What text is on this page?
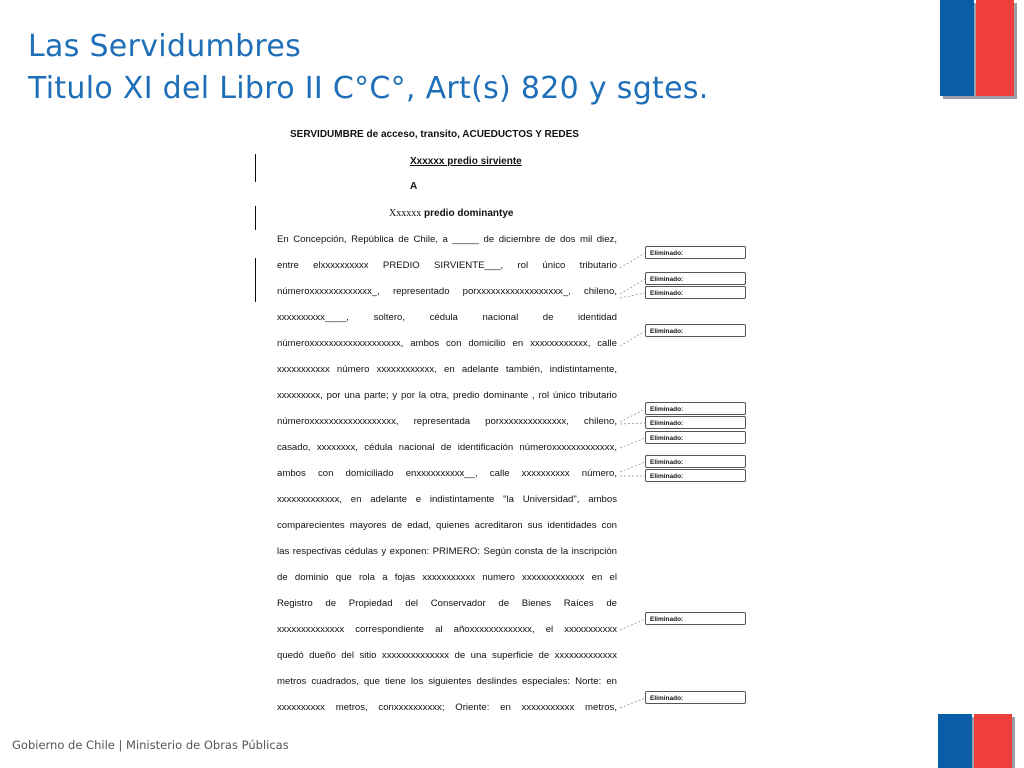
Las Servidumbres
Titulo XI del Libro II C°C°, Art(s) 820 y sgtes.
SERVIDUMBRE de acceso, transito, ACUEDUCTOS Y REDES
Xxxxxx predio sirviente
A
Xxxxxx predio dominantye
En Concepción, República de Chile, a _____ de diciembre de dos mil diez,
entre elxxxxxxxxxx PREDIO SIRVIENTE___, rol único tributario
númeroxxxxxxxxxxxxx_, representado porxxxxxxxxxxxxxxxxxx_, chileno,
xxxxxxxxxx____, soltero, cédula nacional de identidad
númeroxxxxxxxxxxxxxxxxxxx, ambos con domicilio en xxxxxxxxxxxx, calle
xxxxxxxxxxx número xxxxxxxxxxxx, en adelante también, indistintamente,
xxxxxxxxx, por una parte; y por la otra, predio dominante , rol único tributario
númeroxxxxxxxxxxxxxxxxxx, representada porxxxxxxxxxxxxxx, chileno,
casado, xxxxxxxx, cédula nacional de identificación númeroxxxxxxxxxxxxx,
ambos con domiciliado enxxxxxxxxxx__, calle xxxxxxxxxx número,
xxxxxxxxxxxxx, en adelante e indistintamente "la Universidad", ambos
comparecientes mayores de edad, quienes acreditaron sus identidades con
las respectivas cédulas y exponen: PRIMERO: Según consta de la inscripción
de dominio que rola a fojas xxxxxxxxxxx numero xxxxxxxxxxxxx en el
Registro de Propiedad del Conservador de Bienes Raíces de
xxxxxxxxxxxxxx correspondiente al añoxxxxxxxxxxxxx, el xxxxxxxxxxx
quedó dueño del sitio xxxxxxxxxxxxxx de una superficie de xxxxxxxxxxxxx
metros cuadrados, que tiene los siguientes deslindes especiales: Norte: en
xxxxxxxxxx metros, conxxxxxxxxxx; Oriente: en xxxxxxxxxxx metros,
Eliminado:
Eliminado:
Eliminado:
Eliminado:
Eliminado:
Eliminado:
Eliminado:
Eliminado:
Eliminado:
Eliminado:
Eliminado:
Gobierno de Chile | Ministerio de Obras Públicas
